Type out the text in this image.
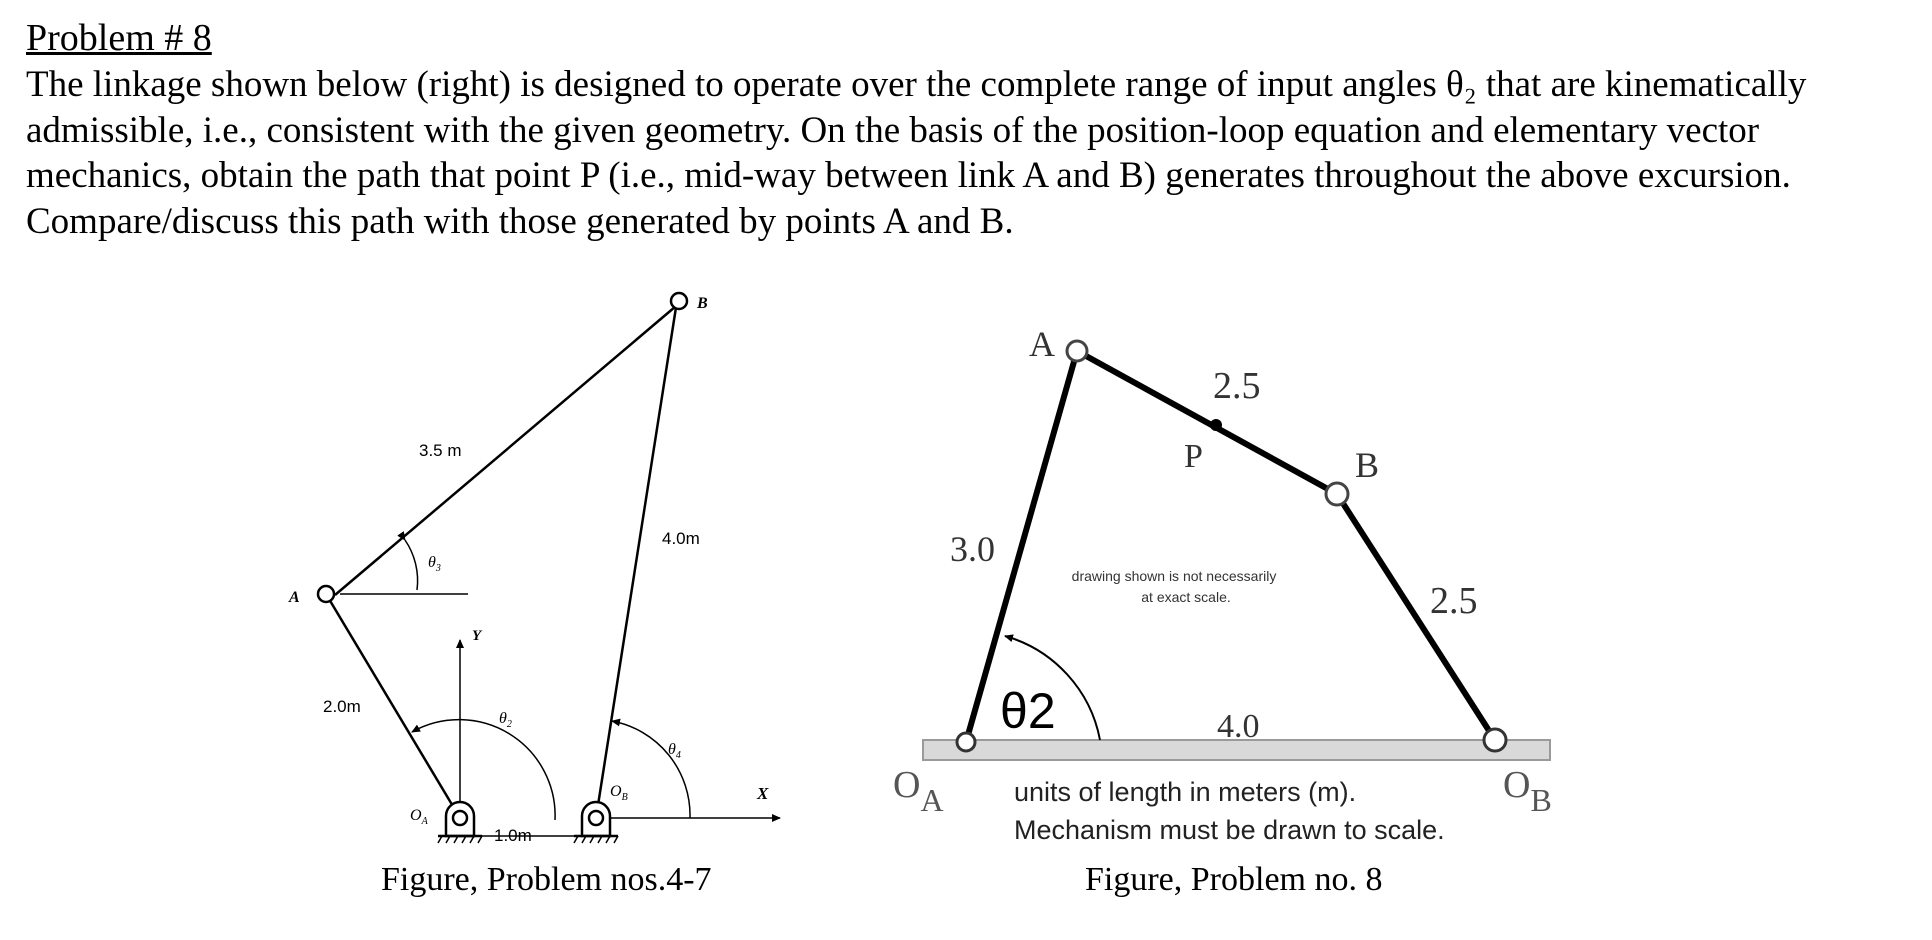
Problem # 8
The linkage shown below (right) is designed to operate over the complete range of input angles θ₂ that are kinematically
admissible, i.e., consistent with the given geometry. On the basis of the position-loop equation and elementary vector
mechanics, obtain the path that point P (i.e., mid-way between link A and B) generates throughout the above excursion.
Compare/discuss this path with those generated by points A and B.
B
A
3.5 m
4.0m
2.0m
1.0m
Y
X
$\theta_3$
$\theta_2$
$\theta_4$
$O_A$
$O_B$
Figure, Problem nos.4-7
A
B
P
2.5
3.0
2.5
4.0
θ2
$O_A$	$O_B$
drawing shown is not necessarily
at exact scale.
units of length in meters (m).
Mechanism must be drawn to scale.
Figure, Problem no. 8
